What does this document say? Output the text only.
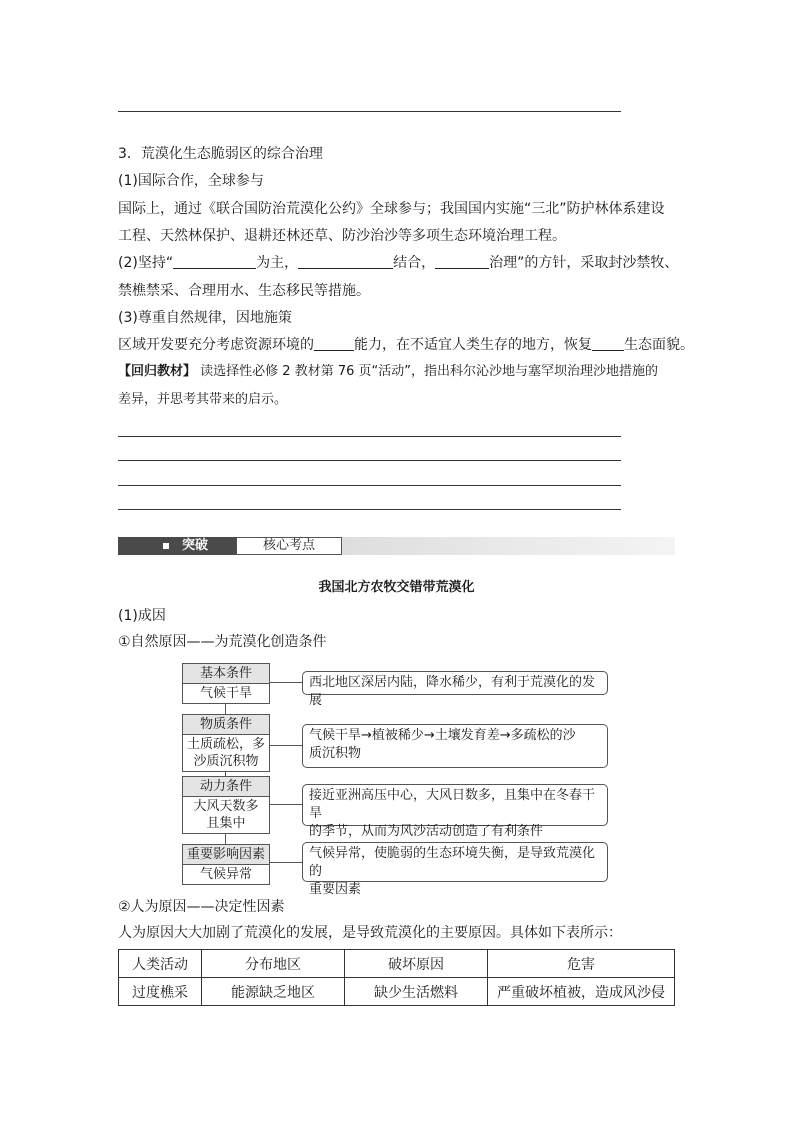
3．荒漠化生态脆弱区的综合治理
(1)国际合作，全球参与
国际上，通过《联合国防治荒漠化公约》全球参与；我国国内实施“三北”防护林体系建设
工程、天然林保护、退耕还林还草、防沙治沙等多项生态环境治理工程。
(2)坚持“	为主，	结合，	治理”的方针，采取封沙禁牧、
禁樵禁采、合理用水、生态移民等措施。
(3)尊重自然规律，因地施策
区域开发要充分考虑资源环境的	能力，在不适宜人类生存的地方，恢复 生态面貌。
【回归教材】 读选择性必修 2 教材第 76 页“活动”，指出科尔沁沙地与塞罕坝治理沙地措施的
差异，并思考其带来的启示。
突破	核心考点
我国北方农牧交错带荒漠化
(1)成因
①自然原因——为荒漠化创造条件
基本条件
气候干旱
西北地区深居内陆，降水稀少，有利于荒漠化的发展
物质条件
土质疏松，多
沙质沉积物
气候干旱→植被稀少→土壤发育差→多疏松的沙
质沉积物
动力条件
大风天数多
且集中
接近亚洲高压中心，大风日数多，且集中在冬春干旱
的季节，从而为风沙活动创造了有利条件
重要影响因素
气候异常
气候异常，使脆弱的生态环境失衡，是导致荒漠化的
重要因素
②人为原因——决定性因素
人为原因大大加剧了荒漠化的发展，是导致荒漠化的主要原因。具体如下表所示：
人类活动	分布地区	破坏原因	危害
过度樵采	能源缺乏地区	缺少生活燃料	严重破坏植被，造成风沙侵
